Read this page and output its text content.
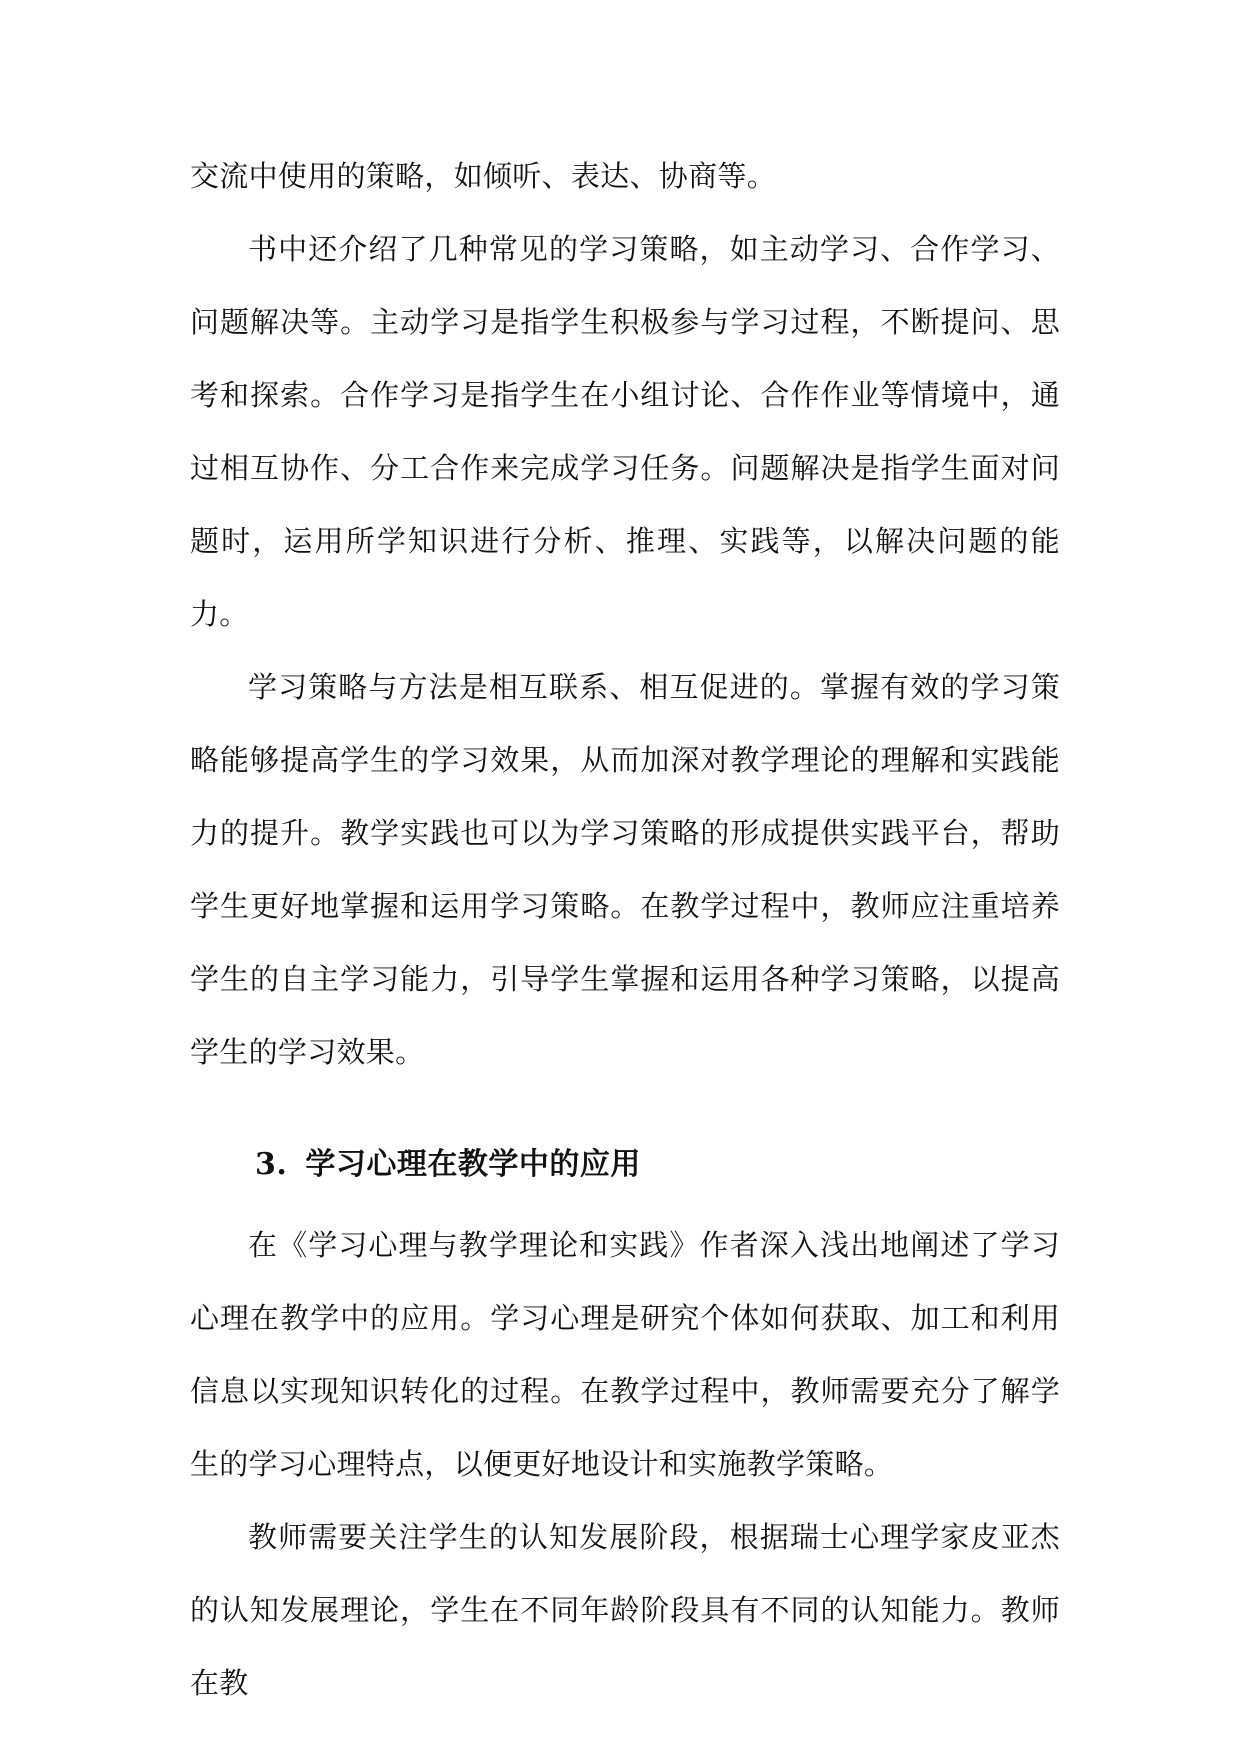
交流中使用的策略，如倾听、表达、协商等。

书中还介绍了几种常见的学习策略，如主动学习、合作学习、问题解决等。主动学习是指学生积极参与学习过程，不断提问、思考和探索。合作学习是指学生在小组讨论、合作作业等情境中，通过相互协作、分工合作来完成学习任务。问题解决是指学生面对问题时，运用所学知识进行分析、推理、实践等，以解决问题的能力。

学习策略与方法是相互联系、相互促进的。掌握有效的学习策略能够提高学生的学习效果，从而加深对教学理论的理解和实践能力的提升。教学实践也可以为学习策略的形成提供实践平台，帮助学生更好地掌握和运用学习策略。在教学过程中，教师应注重培养学生的自主学习能力，引导学生掌握和运用各种学习策略，以提高学生的学习效果。

3. 学习心理在教学中的应用

在《学习心理与教学理论和实践》作者深入浅出地阐述了学习心理在教学中的应用。学习心理是研究个体如何获取、加工和利用信息以实现知识转化的过程。在教学过程中，教师需要充分了解学生的学习心理特点，以便更好地设计和实施教学策略。

教师需要关注学生的认知发展阶段，根据瑞士心理学家皮亚杰的认知发展理论，学生在不同年龄阶段具有不同的认知能力。教师在教
